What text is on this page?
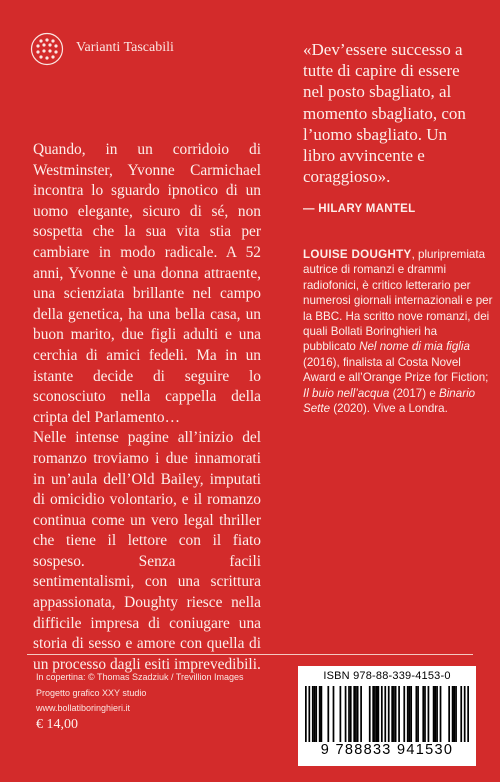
Varianti Tascabili

Quando, in un corridoio di Westminster, Yvonne Carmichael incontra lo sguardo ipnotico di un uomo elegante, sicuro di sé, non sospetta che la sua vita stia per cambiare in modo radicale. A 52 anni, Yvonne è una donna attraente, una scienziata brillante nel campo della genetica, ha una bella casa, un buon marito, due figli adulti e una cerchia di amici fedeli. Ma in un istante decide di seguire lo sconosciuto nella cappella della cripta del Parlamento…

Nelle intense pagine all’inizio del romanzo troviamo i due innamorati in un’aula dell’Old Bailey, imputati di omicidio volontario, e il romanzo continua come un vero legal thriller che tiene il lettore con il fiato sospeso. Senza facili sentimentalismi, con una scrittura appassionata, Doughty riesce nella difficile impresa di coniugare una storia di sesso e amore con quella di un processo dagli esiti imprevedibili.

«Dev’essere successo a tutte di capire di essere nel posto sbagliato, al momento sbagliato, con l’uomo sbagliato. Un libro avvincente e coraggioso».
— HILARY MANTEL
LOUISE DOUGHTY, pluripremiata autrice di romanzi e drammi radiofonici, è critico letterario per numerosi giornali internazionali e per la BBC. Ha scritto nove romanzi, dei quali Bollati Boringhieri ha pubblicato Nel nome di mia figlia (2016), finalista al Costa Novel Award e all’Orange Prize for Fiction;
Il buio nell’acqua (2017) e Binario Sette (2020). Vive a Londra.
In copertina: © Thomas Szadziuk / Trevillion Images
Progetto grafico XXY studio
www.bollatiboringhieri.it
€ 14,00
ISBN 978-88-339-4153-0
9 788833 941530
